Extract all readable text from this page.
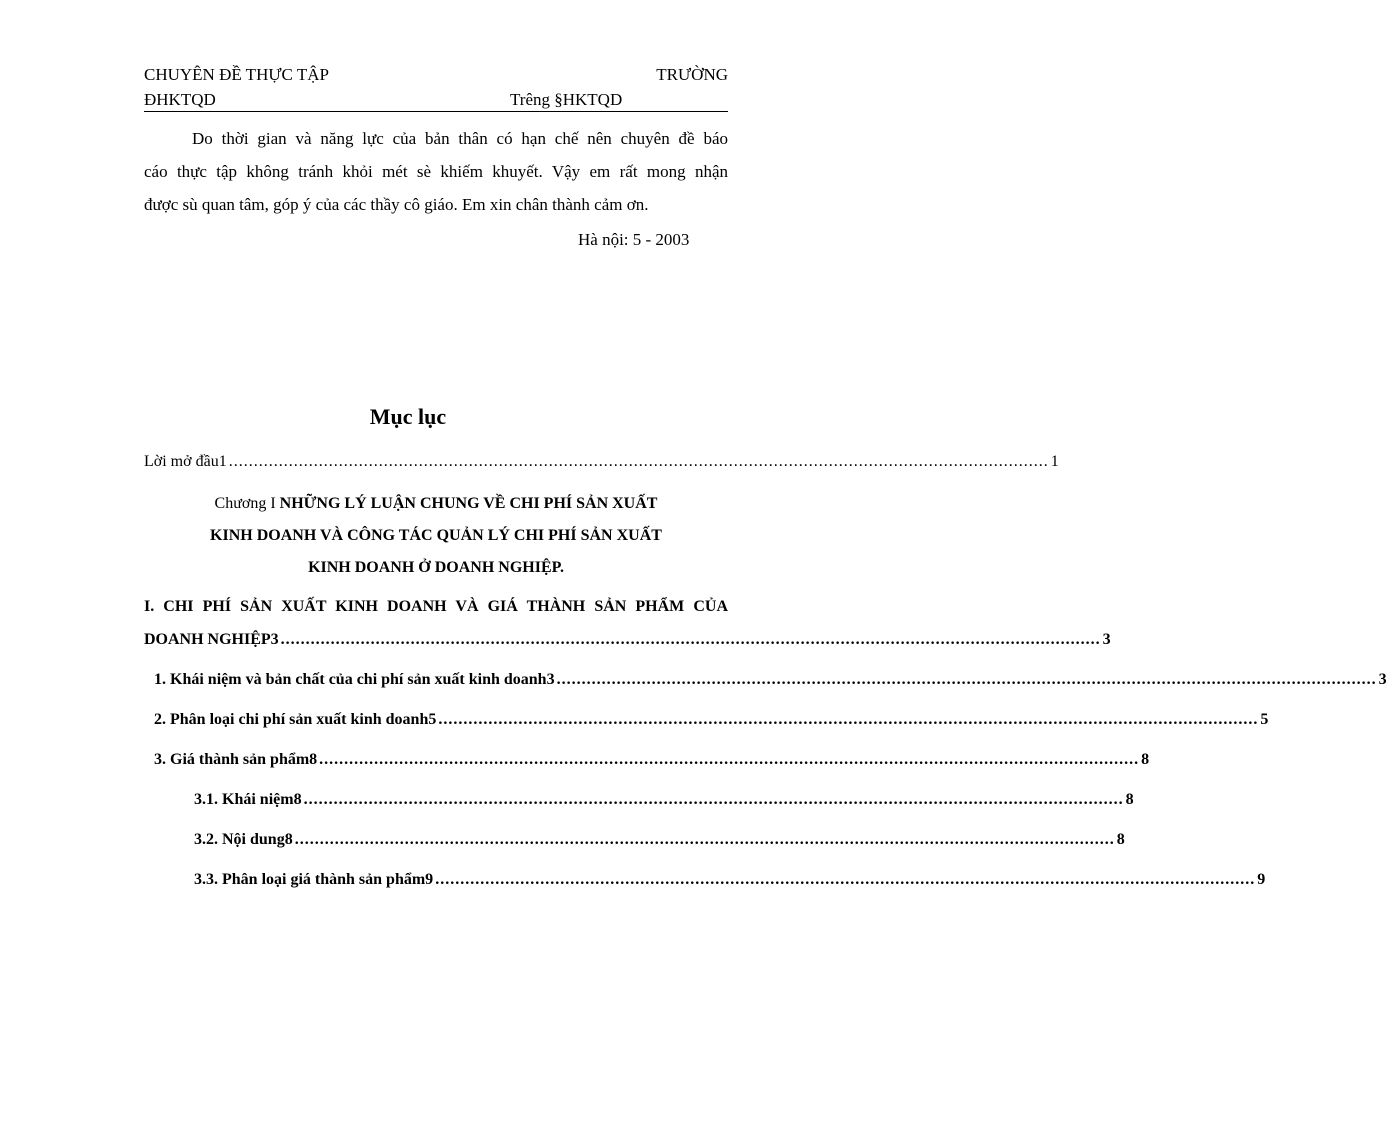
CHUYÊN ĐỀ THỰC TẬP	TRƯỜNG
ĐHKTQD	Trêng §HKTQD
Do thời gian và năng lực của bản thân có hạn chế nên chuyên đề báo
cáo thực tập không tránh khỏi mét sè khiếm khuyết. Vậy em rất mong nhận
được sù quan tâm, góp ý của các thầy cô giáo. Em xin chân thành cảm ơn.
Hà nội: 5 - 2003
Mục lục
Lời mở đầu1 .................................................................................................................................................................... 1
Chương I NHỮNG LÝ LUẬN CHUNG VỀ CHI PHÍ SẢN XUẤT
KINH DOANH VÀ CÔNG TÁC QUẢN LÝ CHI PHÍ SẢN XUẤT
KINH DOANH Ở DOANH NGHIỆP.
I. CHI PHÍ SẢN XUẤT KINH DOANH VÀ GIÁ THÀNH SẢN PHẨM CỦA
DOANH NGHIỆP3 .................................................................................................................................................................... 3
1. Khái niệm và bản chất của chi phí sản xuất kinh doanh3 .................................................................................................................................................................... 3
2. Phân loại chi phí sản xuất kinh doanh5 .................................................................................................................................................................... 5
3. Giá thành sản phẩm8 .................................................................................................................................................................... 8
3.1. Khái niệm8 .................................................................................................................................................................... 8
3.2. Nội dung8 .................................................................................................................................................................... 8
3.3. Phân loại giá thành sản phẩm9 .................................................................................................................................................................... 9
